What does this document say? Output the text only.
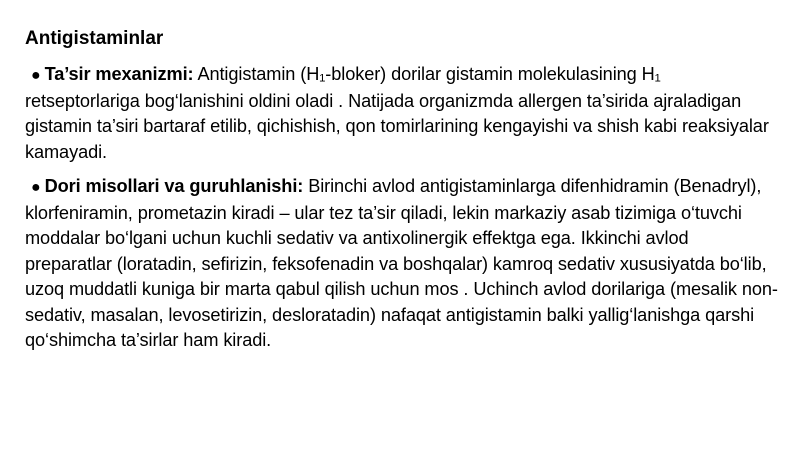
Antigistaminlar

● Ta’sir mexanizmi: Antigistamin (H₁-bloker) dorilar gistamin molekulasining H₁ retseptorlariga bog‘lanishini oldini oladi . Natijada organizmda allergen ta’sirida ajraladigan gistamin ta’siri bartaraf etilib, qichishish, qon tomirlarining kengayishi va shish kabi reaksiyalar kamayadi.

● Dori misollari va guruhlanishi: Birinchi avlod antigistaminlarga difenhidramin (Benadryl), klorfeniramin, prometazin kiradi – ular tez ta’sir qiladi, lekin markaziy asab tizimiga o‘tuvchi moddalar bo‘lgani uchun kuchli sedativ va antixolinergik effektga ega. Ikkinchi avlod preparatlar (loratadin, sefirizin, feksofenadin va boshqalar) kamroq sedativ xususiyatda bo‘lib, uzoq muddatli kuniga bir marta qabul qilish uchun mos . Uchinch avlod dorilariga (mesalik non-sedativ, masalan, levosetirizin, desloratadin) nafaqat antigistamin balki yallig‘lanishga qarshi qo‘shimcha ta’sirlar ham kiradi.
